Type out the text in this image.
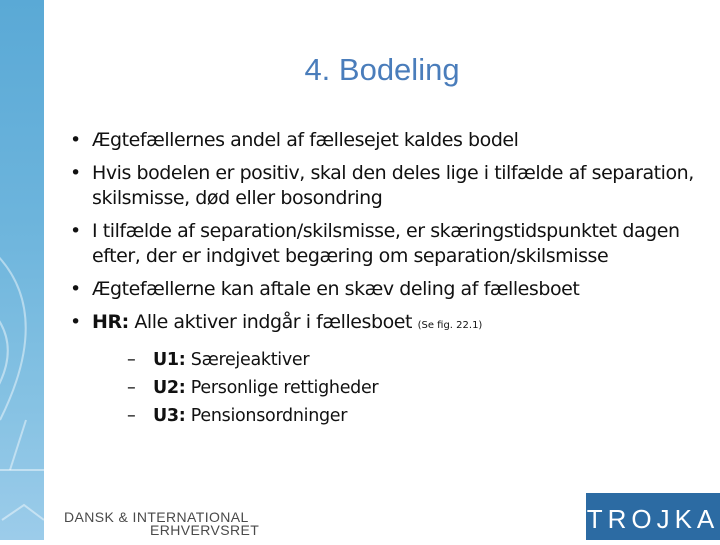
4. Bodeling
• Ægtefællernes andel af fællesejet kaldes bodel
• Hvis bodelen er positiv, skal den deles lige i tilfælde af separation, skilsmisse, død eller bosondring
• I tilfælde af separation/skilsmisse, er skæringstidspunktet dagen efter, der er indgivet begæring om separation/skilsmisse
• Ægtefællerne kan aftale en skæv deling af fællesboet
• HR: Alle aktiver indgår i fællesboet (Se fig. 22.1)
–	U1: Særejeaktiver
–	U2: Personlige rettigheder
–	U3: Pensionsordninger
DANSK & INTERNATIONAL
ERHVERVSRET	TROJKA
